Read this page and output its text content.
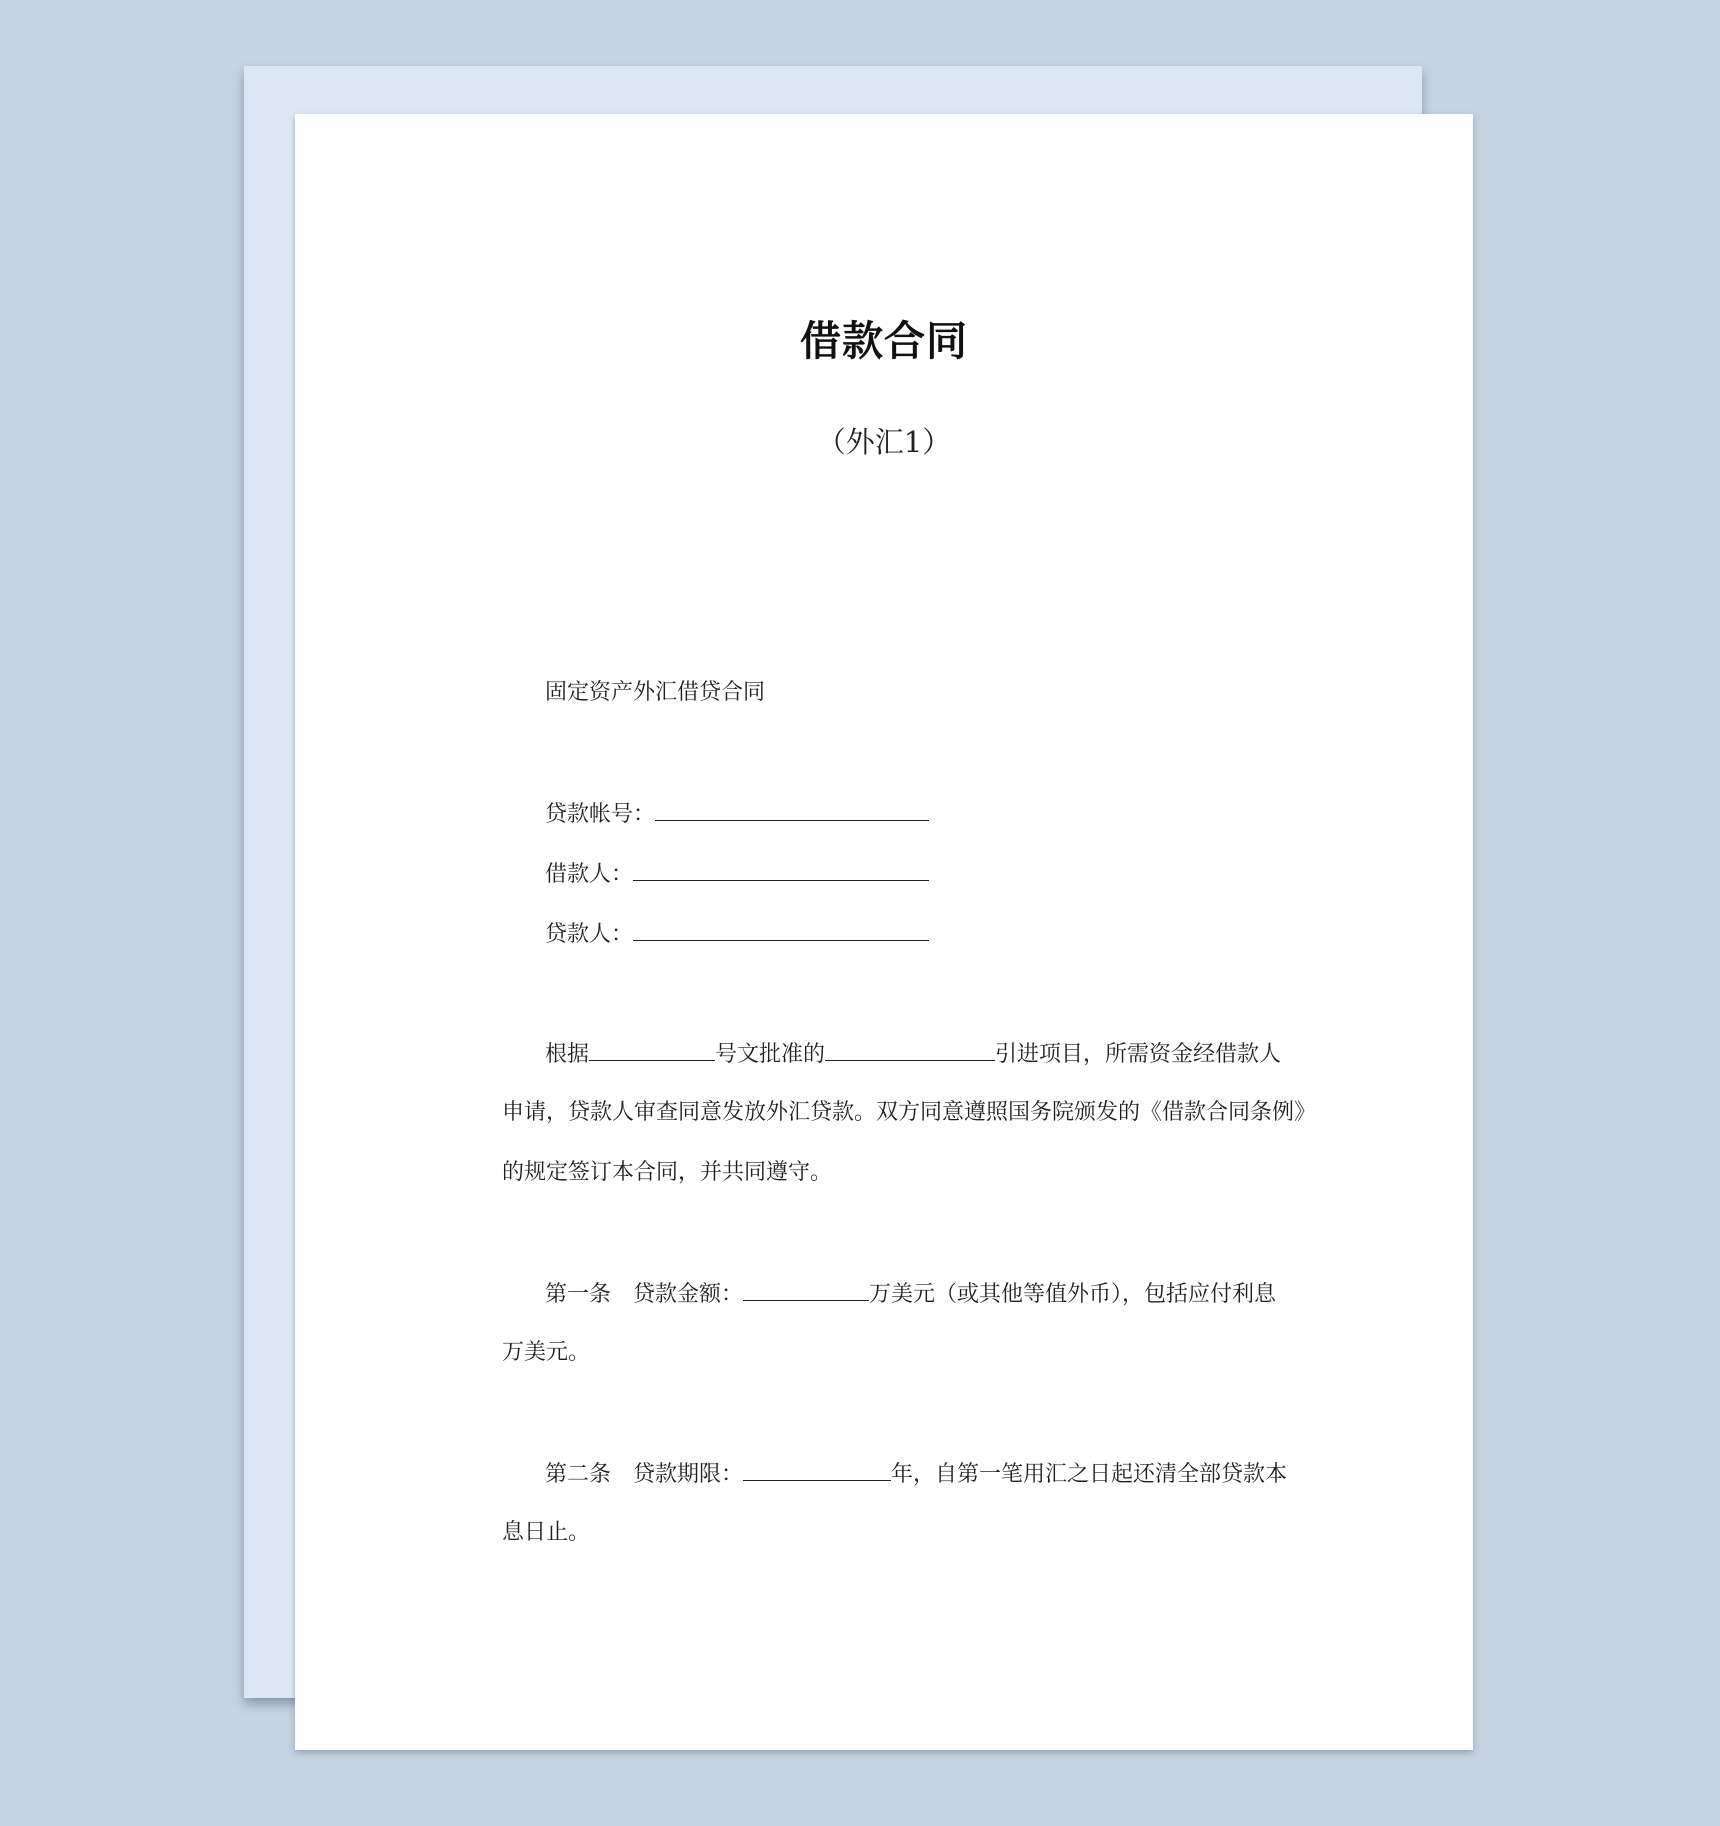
借款合同
（外汇1）
固定资产外汇借贷合同
贷款帐号：
借款人：
贷款人：
根据	号文批准的	引进项目，所需资金经借款人
申请，贷款人审查同意发放外汇贷款。双方同意遵照国务院颁发的《借款合同条例》
的规定签订本合同，并共同遵守。
第一条 贷款金额：	万美元（或其他等值外币），包括应付利息
万美元。
第二条 贷款期限：	年，自第一笔用汇之日起还清全部贷款本
息日止。
